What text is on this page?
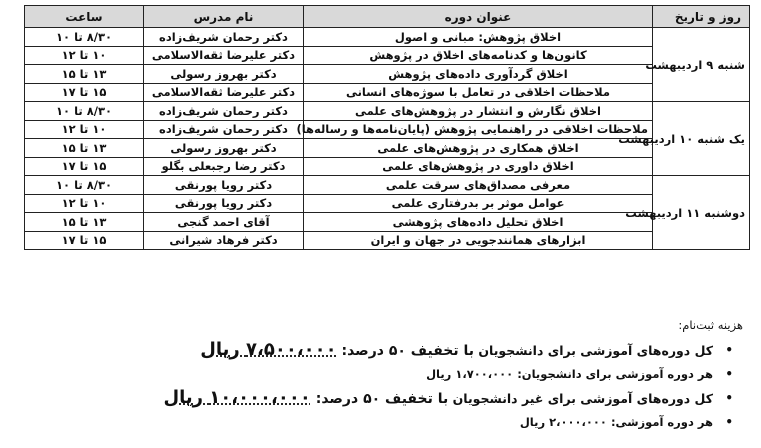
روز و تاریخ	عنوان دوره	نام مدرس	ساعت
شنبه ۹ اردیبهشت	اخلاق پژوهش: مبانی و اصول	دکتر رحمان شریف‌زاده	۸/۳۰ تا ۱۰
	کانون‌ها و کدنامه‌های اخلاق در پژوهش	دکتر علیرضا ثقه‌الاسلامی	۱۰ تا ۱۲
	اخلاق گردآوری داده‌های پژوهش	دکتر بهروز رسولی	۱۳ تا ۱۵
	ملاحظات اخلاقی در تعامل با سوژه‌های انسانی	دکتر علیرضا ثقه‌الاسلامی	۱۵ تا ۱۷
یک شنبه ۱۰ اردیبهشت	اخلاق نگارش و انتشار در پژوهش‌های علمی	دکتر رحمان شریف‌زاده	۸/۳۰ تا ۱۰
	ملاحظات اخلاقی در راهنمایی پژوهش (پایان‌نامه‌ها و رساله‌ها)	دکتر رحمان شریف‌زاده	۱۰ تا ۱۲
	اخلاق همکاری در پژوهش‌های علمی	دکتر بهروز رسولی	۱۳ تا ۱۵
	اخلاق داوری در پژوهش‌های علمی	دکتر رضا رجبعلی بگلو	۱۵ تا ۱۷
دوشنبه ۱۱ اردیبهشت	معرفی مصداق‌های سرقت علمی	دکتر رویا پورنقی	۸/۳۰ تا ۱۰
	عوامل موثر بر بدرفتاری علمی	دکتر رویا پورنقی	۱۰ تا ۱۲
	اخلاق تحلیل داده‌های پژوهشی	آقای احمد گنجی	۱۳ تا ۱۵
	ابزارهای همانندجویی در جهان و ایران	دکتر فرهاد شیرانی	۱۵ تا ۱۷
هزینه ثبت‌نام:
•
کل دوره‌های آموزشی برای دانشجویان با تخفیف ۵۰ درصد: ۷،۵۰۰،۰۰۰ ریال
•
هر دوره آموزشی برای دانشجویان: ۱،۷۰۰،۰۰۰ ریال
•
کل دوره‌های آموزشی برای غیر دانشجویان با تخفیف ۵۰ درصد: ۱۰،۰۰۰،۰۰۰ ریال
•
هر دوره آموزشی: ۲،۰۰۰،۰۰۰ ریال
